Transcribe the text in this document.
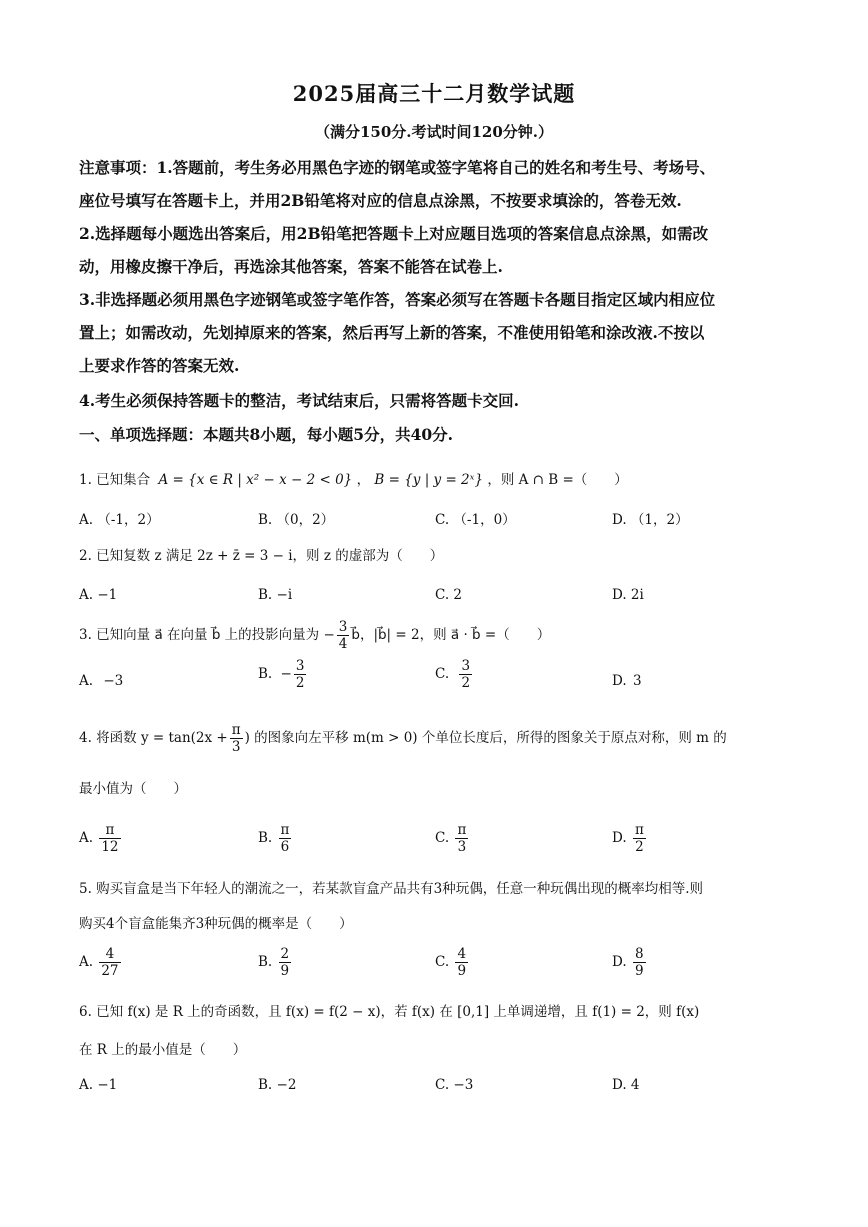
2025届高三十二月数学试题
（满分150分.考试时间120分钟.）
注意事项：1.答题前，考生务必用黑色字迹的钢笔或签字笔将自己的姓名和考生号、考场号、
座位号填写在答题卡上，并用2B铅笔将对应的信息点涂黑，不按要求填涂的，答卷无效.
2.选择题每小题选出答案后，用2B铅笔把答题卡上对应题目选项的答案信息点涂黑，如需改
动，用橡皮擦干净后，再选涂其他答案，答案不能答在试卷上.
3.非选择题必须用黑色字迹钢笔或签字笔作答，答案必须写在答题卡各题目指定区域内相应位
置上；如需改动，先划掉原来的答案，然后再写上新的答案，不准使用铅笔和涂改液.不按以
上要求作答的答案无效.
4.考生必须保持答题卡的整洁，考试结束后，只需将答题卡交回.
一、单项选择题：本题共8小题，每小题5分，共40分.
1. 已知集合 A = {x ∈ R | x² − x − 2 < 0} ， B = {y | y = 2ˣ} ，则 A ∩ B =（　　）
A. （-1，2）	B. （0，2）	C. （-1，0）	D. （1，2）
2. 已知复数 z 满足 2z + z̄ = 3 − i，则 z 的虚部为（　　）
A. −1	B. −i	C. 2	D. 2i
3. 已知向量 a⃗ 在向量 b⃗ 上的投影向量为 − $\frac{3}{4}$ b⃗，|b⃗| = 2，则 a⃗ · b⃗ =（　　）
A. −3	B. − $\frac{3}{2}$	C. $\frac{3}{2}$	D. 3
4. 将函数 $y = \tan(2x + \frac{\pi}{3}$ ) 的图象向左平移 m(m > 0) 个单位长度后，所得的图象关于原点对称，则 m 的
最小值为（　　）
A. $\frac{\pi}{12}$	B. $\frac{\pi}{6}$	C. $\frac{\pi}{3}$	D. $\frac{\pi}{2}$
5. 购买盲盒是当下年轻人的潮流之一，若某款盲盒产品共有3种玩偶，任意一种玩偶出现的概率均相等.则
购买4个盲盒能集齐3种玩偶的概率是（　　）
A. $\frac{4}{27}$	B. $\frac{2}{9}$	C. $\frac{4}{9}$	D. $\frac{8}{9}$
6. 已知 f(x) 是 R 上的奇函数，且 f(x) = f(2 − x)，若 f(x) 在 [0,1] 上单调递增，且 f(1) = 2，则 f(x)
在 R 上的最小值是（　　）
A. −1	B. −2	C. −3	D. 4
